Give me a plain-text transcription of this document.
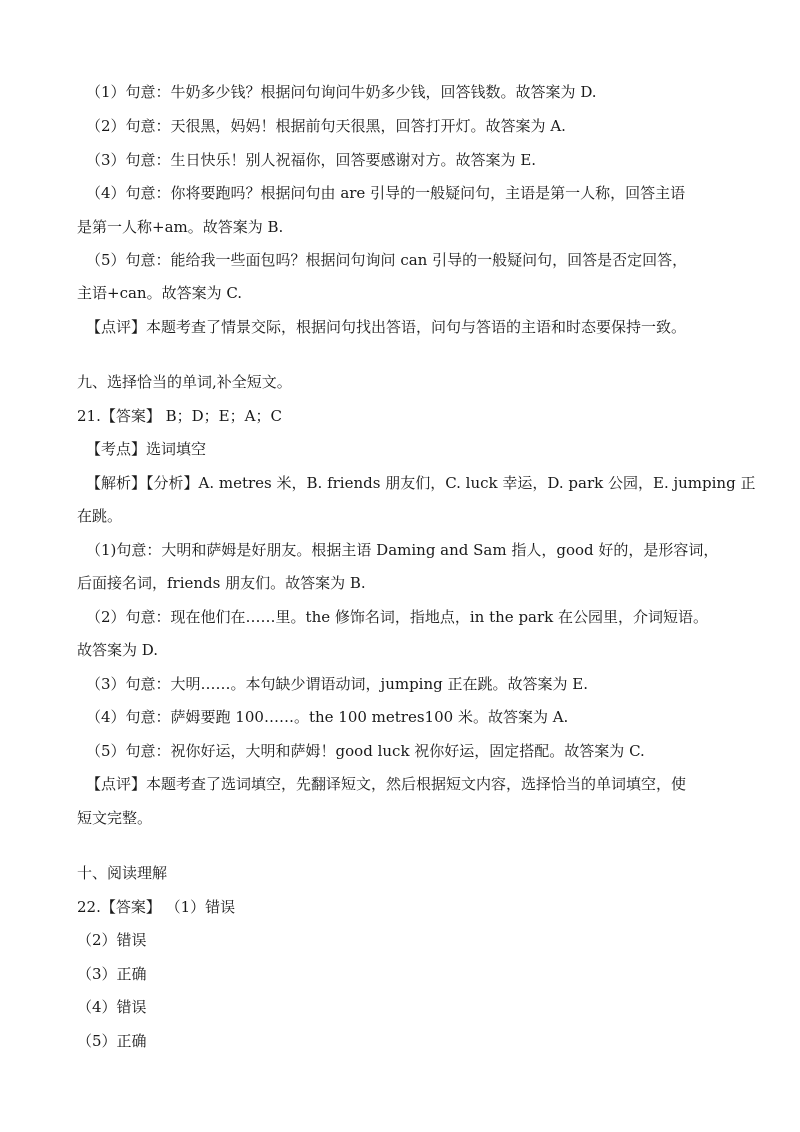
（1）句意：牛奶多少钱？根据问句询问牛奶多少钱，回答钱数。故答案为 D.
（2）句意：天很黑，妈妈！根据前句天很黑，回答打开灯。故答案为 A.
（3）句意：生日快乐！别人祝福你，回答要感谢对方。故答案为 E.
（4）句意：你将要跑吗？根据问句由 are 引导的一般疑问句，主语是第一人称，回答主语
是第一人称+am。故答案为 B.
（5）句意：能给我一些面包吗？根据问句询问 can 引导的一般疑问句，回答是否定回答，
主语+can。故答案为 C.
【点评】本题考查了情景交际，根据问句找出答语，问句与答语的主语和时态要保持一致。
九、选择恰当的单词,补全短文。
21.【答案】 B；D；E；A；C
【考点】选词填空
【解析】【分析】A. metres 米，B. friends 朋友们，C. luck 幸运，D. park 公园，E. jumping 正
在跳。
（1)句意：大明和萨姆是好朋友。根据主语 Daming and Sam 指人，good 好的，是形容词，
后面接名词，friends 朋友们。故答案为 B.
（2）句意：现在他们在……里。the 修饰名词，指地点，in the park 在公园里，介词短语。
故答案为 D.
（3）句意：大明……。本句缺少谓语动词，jumping 正在跳。故答案为 E.
（4）句意：萨姆要跑 100……。the 100 metres100 米。故答案为 A.
（5）句意：祝你好运，大明和萨姆！good luck 祝你好运，固定搭配。故答案为 C.
【点评】本题考查了选词填空，先翻译短文，然后根据短文内容，选择恰当的单词填空，使
短文完整。
十、阅读理解
22.【答案】 （1）错误
（2）错误
（3）正确
（4）错误
（5）正确
